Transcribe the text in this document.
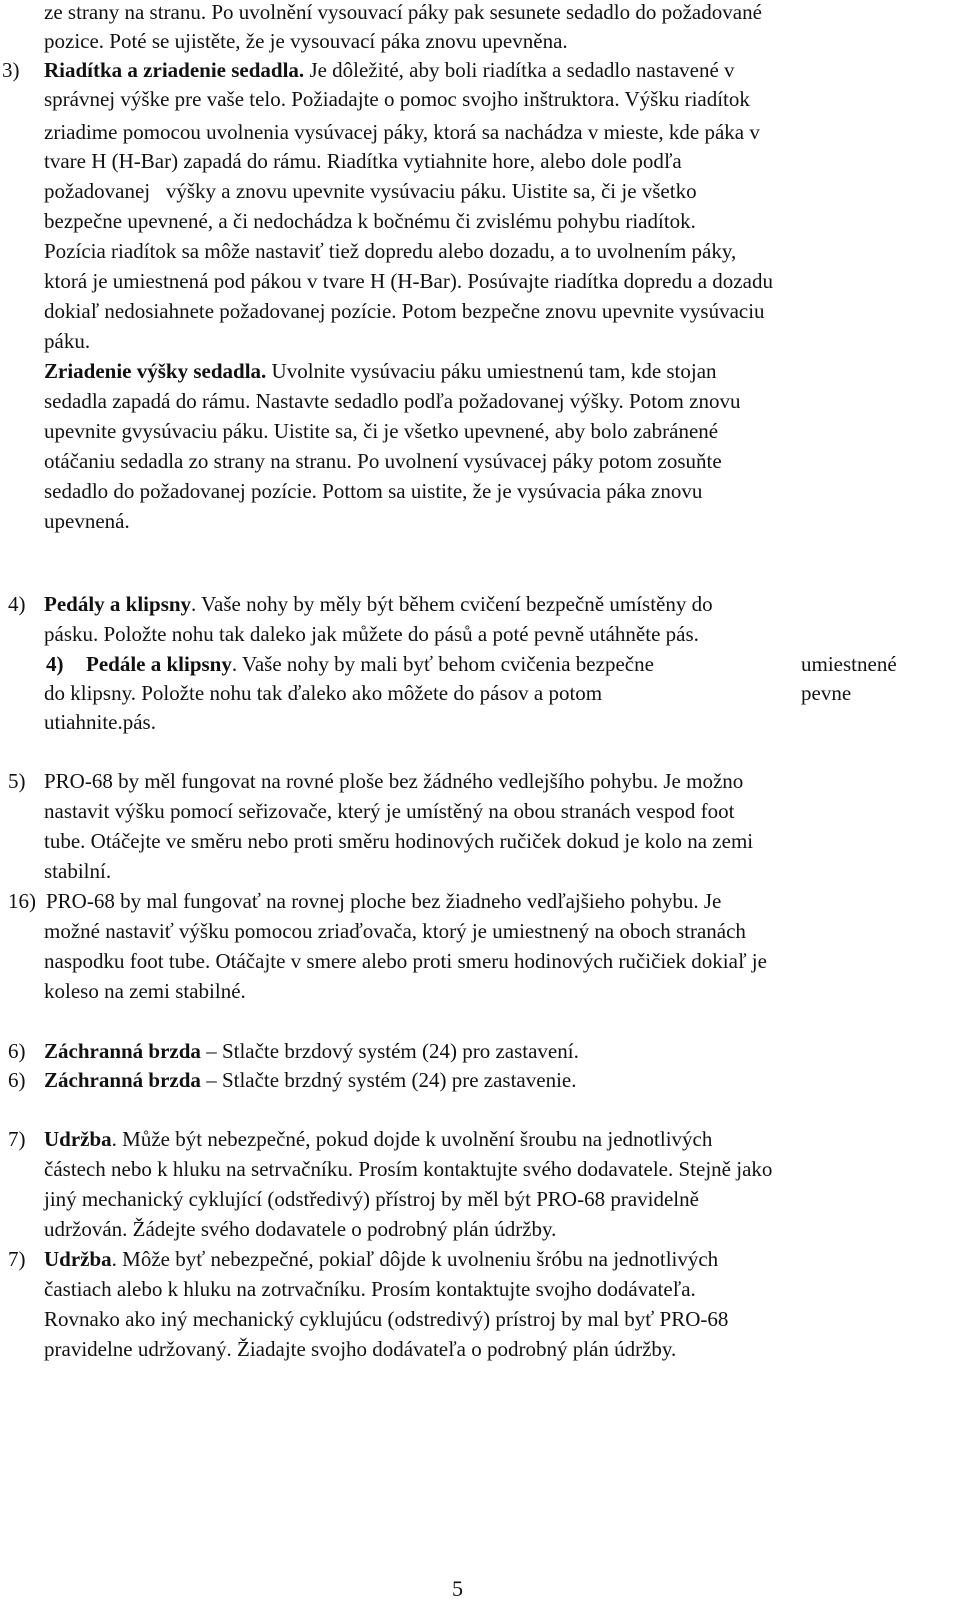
ze strany na stranu. Po uvolnění vysouvací páky pak sesunete sedadlo do požadované
pozice. Poté se ujistěte, že je vysouvací páka znovu upevněna.
3) Riadítka a zriadenie sedadla. Je dôležité, aby boli riadítka a sedadlo nastavené v
správnej výške pre vaše telo. Požiadajte o pomoc svojho inštruktora. Výšku riadítok
zriadime pomocou uvolnenia vysúvacej páky, ktorá sa nachádza v mieste, kde páka v
tvare H (H-Bar) zapadá do rámu. Riadítka vytiahnite hore, alebo dole podľa
požadovanej   výšky a znovu upevnite vysúvaciu páku. Uistite sa, či je všetko
bezpečne upevnené, a či nedochádza k bočnému či zvislému pohybu riadítok.
Pozícia riadítok sa môže nastaviť tiež dopredu alebo dozadu, a to uvolnením páky,
ktorá je umiestnená pod pákou v tvare H (H-Bar). Posúvajte riadítka dopredu a dozadu
dokiaľ nedosiahnete požadovanej pozície. Potom bezpečne znovu upevnite vysúvaciu
páku.
Zriadenie výšky sedadla. Uvolnite vysúvaciu páku umiestnenú tam, kde stojan
sedadla zapadá do rámu. Nastavte sedadlo podľa požadovanej výšky. Potom znovu
upevnite gvysúvaciu páku. Uistite sa, či je všetko upevnené, aby bolo zabránené
otáčaniu sedadla zo strany na stranu. Po uvolnení vysúvacej páky potom zosuňte
sedadlo do požadovanej pozície. Pottom sa uistite, že je vysúvacia páka znovu
upevnená.
4) Pedály a klipsny. Vaše nohy by měly být během cvičení bezpečně umístěny do
pásku. Položte nohu tak daleko jak můžete do pásů a poté pevně utáhněte pás.
4) Pedále a klipsny. Vaše nohy by mali byť behom cvičenia bezpečne	umiestnené
do klipsny. Položte nohu tak ďaleko ako môžete do pásov a potom	pevne
utiahnite.pás.
5) PRO-68 by měl fungovat na rovné ploše bez žádného vedlejšího pohybu. Je možno
nastavit výšku pomocí seřizovače, který je umístěný na obou stranách vespod foot
tube. Otáčejte ve směru nebo proti směru hodinových ručiček dokud je kolo na zemi
stabilní.
16) PRO-68 by mal fungovať na rovnej ploche bez žiadneho vedľajšieho pohybu. Je
možné nastaviť výšku pomocou zriaďovača, ktorý je umiestnený na oboch stranách
naspodku foot tube. Otáčajte v smere alebo proti smeru hodinových ručičiek dokiaľ je
koleso na zemi stabilné.
6) Záchranná brzda – Stlačte brzdový systém (24) pro zastavení.
6) Záchranná brzda – Stlačte brzdný systém (24) pre zastavenie.
7) Udržba. Může být nebezpečné, pokud dojde k uvolnění šroubu na jednotlivých
částech nebo k hluku na setrvačníku. Prosím kontaktujte svého dodavatele. Stejně jako
jiný mechanický cyklující (odstředivý) přístroj by měl být PRO-68 pravidelně
udržován. Žádejte svého dodavatele o podrobný plán údržby.
7) Udržba. Môže byť nebezpečné, pokiaľ dôjde k uvolneniu šróbu na jednotlivých
častiach alebo k hluku na zotrvačníku. Prosím kontaktujte svojho dodávateľa.
Rovnako ako iný mechanický cyklujúcu (odstredivý) prístroj by mal byť PRO-68
pravidelne udržovaný. Žiadajte svojho dodávateľa o podrobný plán údržby.
5
